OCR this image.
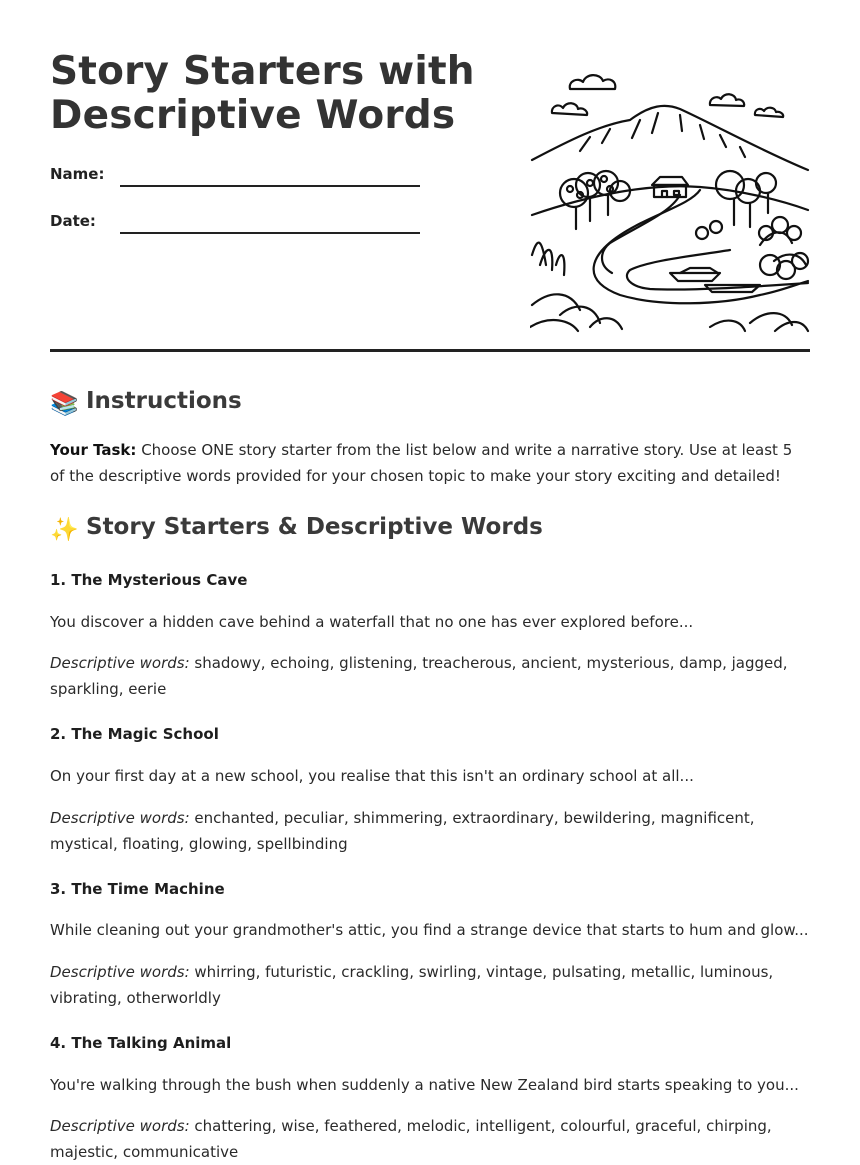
Story Starters with
Descriptive Words
Name:
Date:
📚 Instructions

Your Task: Choose ONE story starter from the list below and write a narrative story. Use at least 5 of the descriptive words provided for your chosen topic to make your story exciting and detailed!

✨ Story Starters & Descriptive Words

1. The Mysterious Cave

You discover a hidden cave behind a waterfall that no one has ever explored before...

Descriptive words: shadowy, echoing, glistening, treacherous, ancient, mysterious, damp, jagged, sparkling, eerie

2. The Magic School

On your first day at a new school, you realise that this isn't an ordinary school at all...

Descriptive words: enchanted, peculiar, shimmering, extraordinary, bewildering, magnificent, mystical, floating, glowing, spellbinding

3. The Time Machine

While cleaning out your grandmother's attic, you find a strange device that starts to hum and glow...

Descriptive words: whirring, futuristic, crackling, swirling, vintage, pulsating, metallic, luminous, vibrating, otherworldly

4. The Talking Animal

You're walking through the bush when suddenly a native New Zealand bird starts speaking to you...

Descriptive words: chattering, wise, feathered, melodic, intelligent, colourful, graceful, chirping, majestic, communicative
